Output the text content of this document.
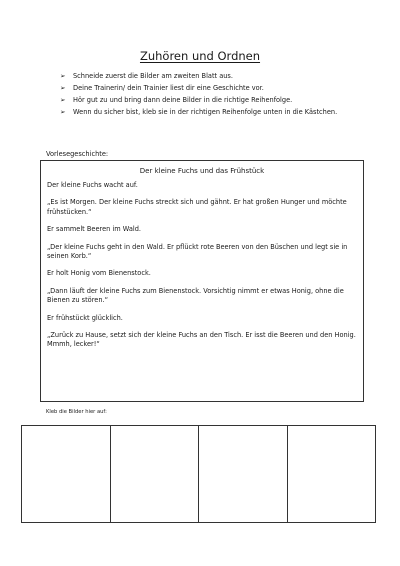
Zuhören und Ordnen
➢ Schneide zuerst die Bilder am zweiten Blatt aus.
➢ Deine Trainerin/ dein Trainier liest dir eine Geschichte vor.
➢ Hör gut zu und bring dann deine Bilder in die richtige Reihenfolge.
➢ Wenn du sicher bist, kleb sie in der richtigen Reihenfolge unten in die Kästchen.
Vorlesegeschichte:
Der kleine Fuchs und das Frühstück
Der kleine Fuchs wacht auf.
„Es ist Morgen. Der kleine Fuchs streckt sich und gähnt. Er hat großen Hunger und möchte frühstücken.“
Er sammelt Beeren im Wald.
„Der kleine Fuchs geht in den Wald. Er pflückt rote Beeren von den Büschen und legt sie in seinen Korb.“
Er holt Honig vom Bienenstock.
„Dann läuft der kleine Fuchs zum Bienenstock. Vorsichtig nimmt er etwas Honig, ohne die Bienen zu stören.“
Er frühstückt glücklich.
„Zurück zu Hause, setzt sich der kleine Fuchs an den Tisch. Er isst die Beeren und den Honig. Mmmh, lecker!“
Kleb die Bilder hier auf:
